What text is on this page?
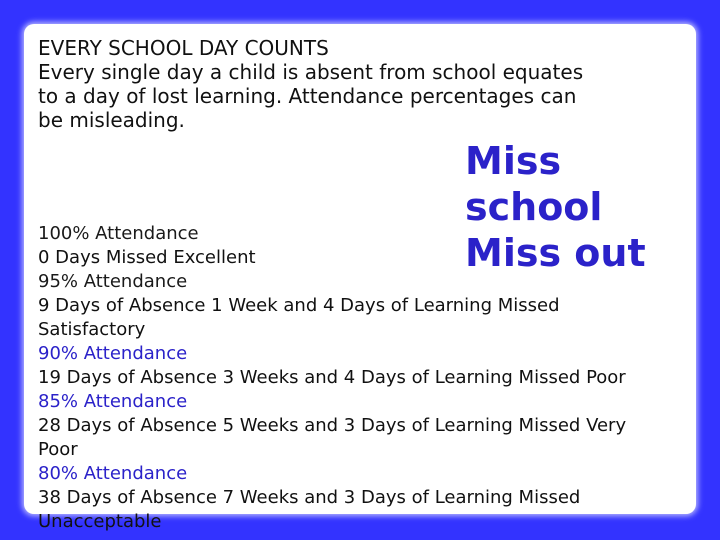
EVERY SCHOOL DAY COUNTS
Every single day a child is absent from school equates
to a day of lost learning. Attendance percentages can
be misleading.
Miss
school
Miss out
100% Attendance
0 Days Missed Excellent
95% Attendance
9 Days of Absence 1 Week and 4 Days of Learning Missed
Satisfactory
90% Attendance
19 Days of Absence 3 Weeks and 4 Days of Learning Missed Poor
85% Attendance
28 Days of Absence 5 Weeks and 3 Days of Learning Missed Very
Poor
80% Attendance
38 Days of Absence 7 Weeks and 3 Days of Learning Missed
Unacceptable
